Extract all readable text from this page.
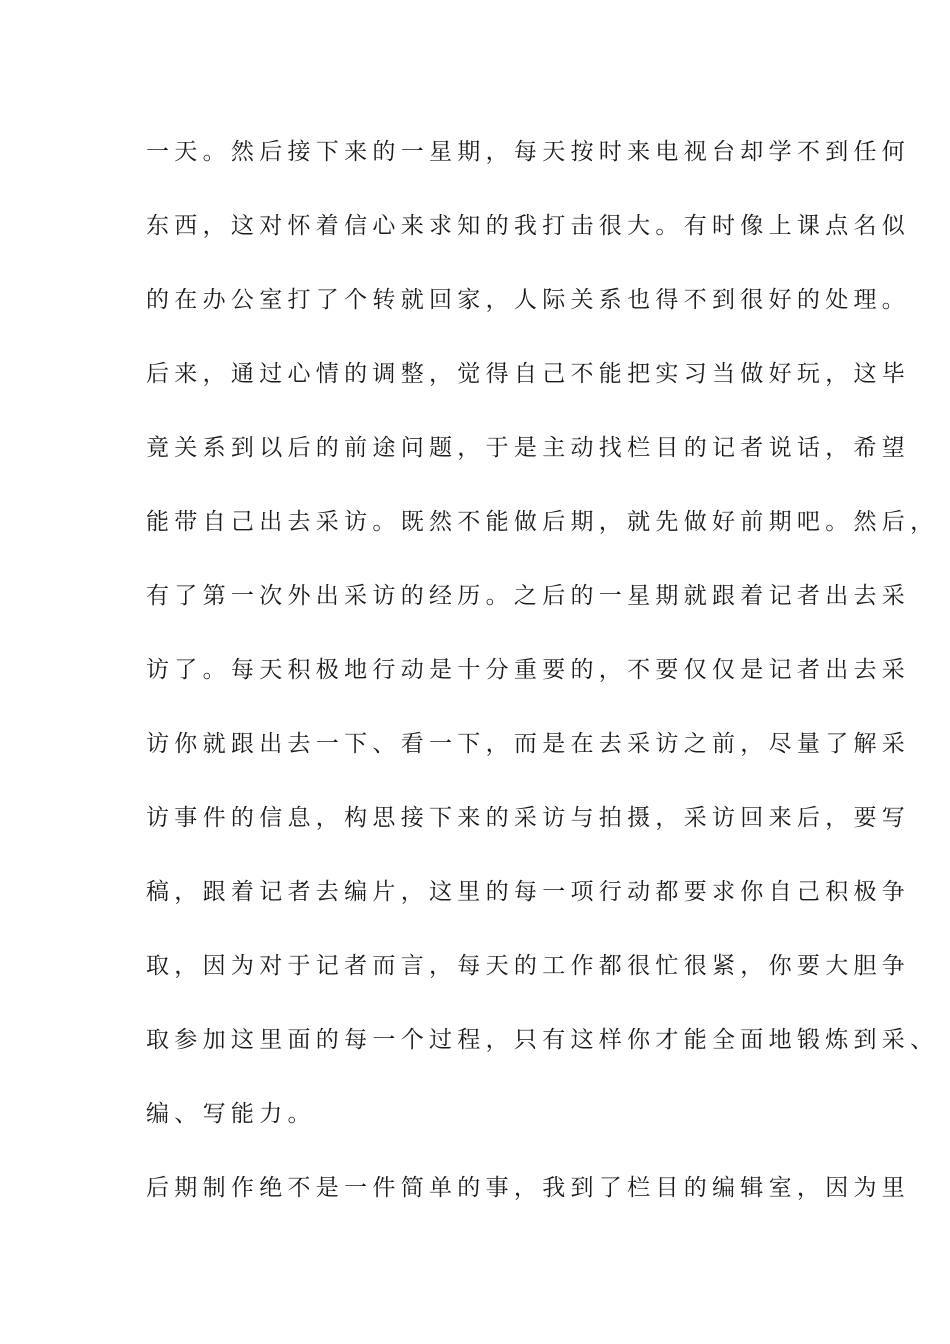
一天。然后接下来的一星期，每天按时来电视台却学不到任何
东西，这对怀着信心来求知的我打击很大。有时像上课点名似
的在办公室打了个转就回家，人际关系也得不到很好的处理。
后来，通过心情的调整，觉得自己不能把实习当做好玩，这毕
竟关系到以后的前途问题，于是主动找栏目的记者说话，希望
能带自己出去采访。既然不能做后期，就先做好前期吧。然后，
有了第一次外出采访的经历。之后的一星期就跟着记者出去采
访了。每天积极地行动是十分重要的，不要仅仅是记者出去采
访你就跟出去一下、看一下，而是在去采访之前，尽量了解采
访事件的信息，构思接下来的采访与拍摄，采访回来后，要写
稿，跟着记者去编片，这里的每一项行动都要求你自己积极争
取，因为对于记者而言，每天的工作都很忙很紧，你要大胆争
取参加这里面的每一个过程，只有这样你才能全面地锻炼到采、
编、写能力。
后期制作绝不是一件简单的事，我到了栏目的编辑室，因为里
